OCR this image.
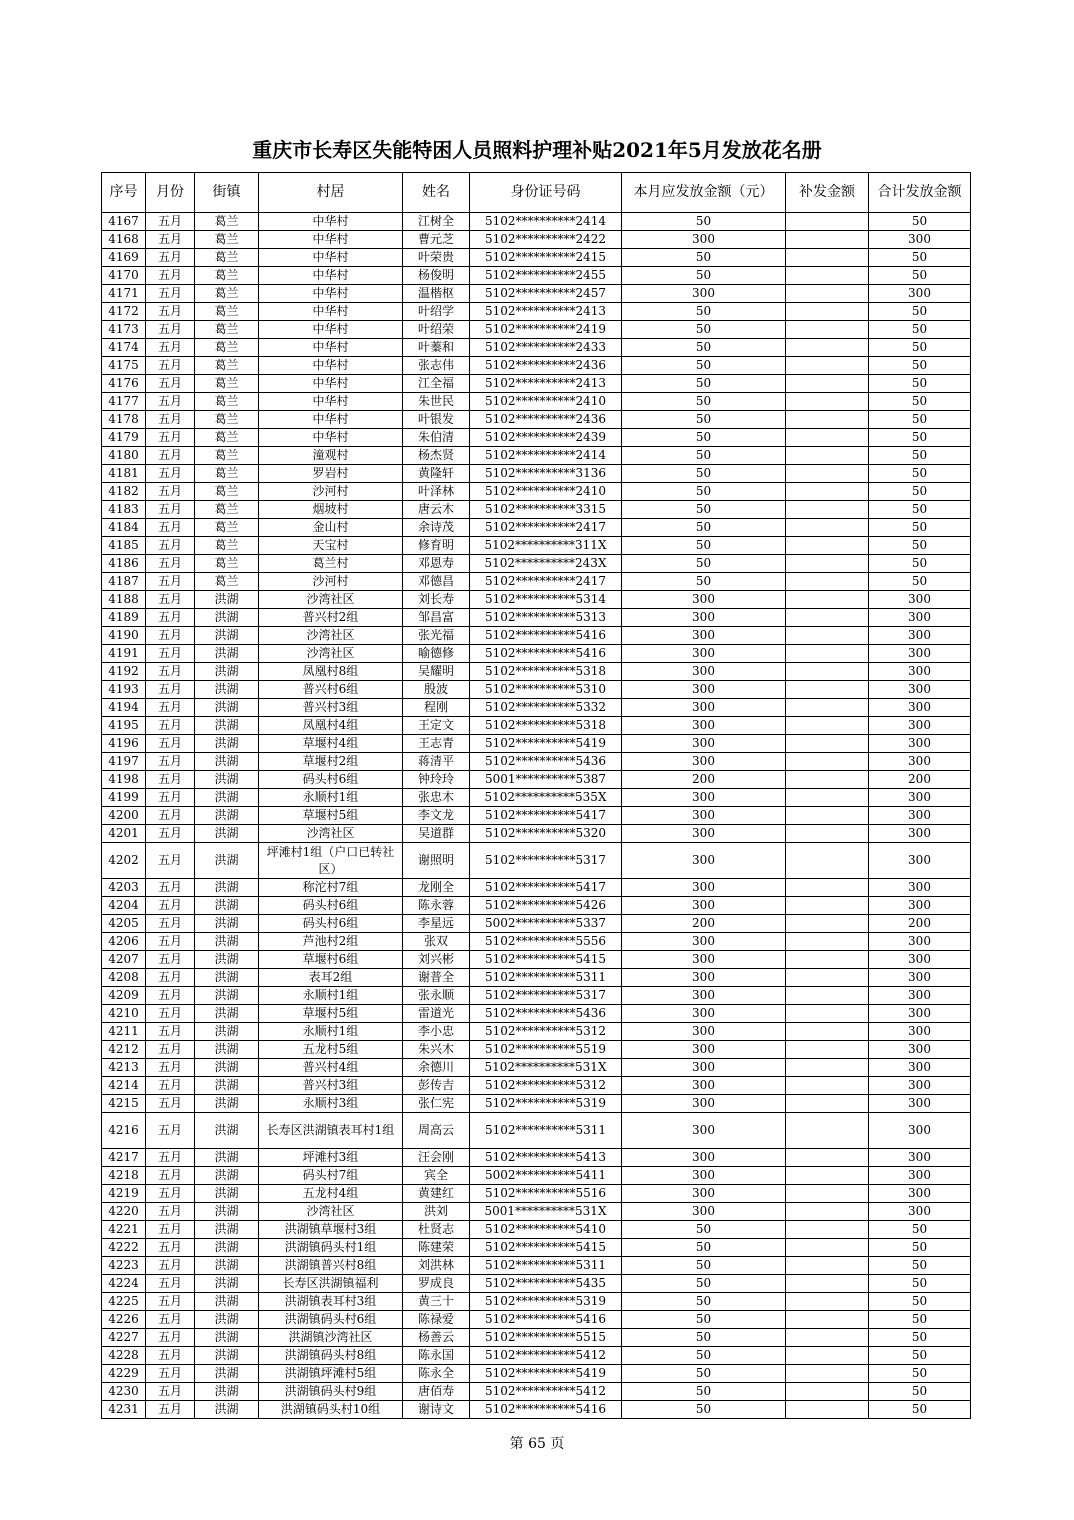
重庆市长寿区失能特困人员照料护理补贴2021年5月发放花名册
序号	月份	街镇	村居	姓名	身份证号码	本月应发放金额（元）	补发金额	合计发放金额
4167	五月	葛兰	中华村	江树全	5102**********2414	50		50
4168	五月	葛兰	中华村	曹元芝	5102**********2422	300		300
4169	五月	葛兰	中华村	叶荣贵	5102**********2415	50		50
4170	五月	葛兰	中华村	杨俊明	5102**********2455	50		50
4171	五月	葛兰	中华村	温楷枢	5102**********2457	300		300
4172	五月	葛兰	中华村	叶绍学	5102**********2413	50		50
4173	五月	葛兰	中华村	叶绍荣	5102**********2419	50		50
4174	五月	葛兰	中华村	叶蓁和	5102**********2433	50		50
4175	五月	葛兰	中华村	张志伟	5102**********2436	50		50
4176	五月	葛兰	中华村	江全福	5102**********2413	50		50
4177	五月	葛兰	中华村	朱世民	5102**********2410	50		50
4178	五月	葛兰	中华村	叶银发	5102**********2436	50		50
4179	五月	葛兰	中华村	朱伯清	5102**********2439	50		50
4180	五月	葛兰	潼观村	杨杰贤	5102**********2414	50		50
4181	五月	葛兰	罗岩村	黄隆轩	5102**********3136	50		50
4182	五月	葛兰	沙河村	叶泽林	5102**********2410	50		50
4183	五月	葛兰	烟坡村	唐云木	5102**********3315	50		50
4184	五月	葛兰	金山村	余诗茂	5102**********2417	50		50
4185	五月	葛兰	天宝村	修育明	5102**********311X	50		50
4186	五月	葛兰	葛兰村	邓恩寿	5102**********243X	50		50
4187	五月	葛兰	沙河村	邓德昌	5102**********2417	50		50
4188	五月	洪湖	沙湾社区	刘长寿	5102**********5314	300		300
4189	五月	洪湖	普兴村2组	邹昌富	5102**********5313	300		300
4190	五月	洪湖	沙湾社区	张光福	5102**********5416	300		300
4191	五月	洪湖	沙湾社区	喻德修	5102**********5416	300		300
4192	五月	洪湖	凤凰村8组	吴耀明	5102**********5318	300		300
4193	五月	洪湖	普兴村6组	殷波	5102**********5310	300		300
4194	五月	洪湖	普兴村3组	程刚	5102**********5332	300		300
4195	五月	洪湖	凤凰村4组	王定文	5102**********5318	300		300
4196	五月	洪湖	草堰村4组	王志青	5102**********5419	300		300
4197	五月	洪湖	草堰村2组	蒋清平	5102**********5436	300		300
4198	五月	洪湖	码头村6组	钟玲玲	5001**********5387	200		200
4199	五月	洪湖	永顺村1组	张忠木	5102**********535X	300		300
4200	五月	洪湖	草堰村5组	李文龙	5102**********5417	300		300
4201	五月	洪湖	沙湾社区	吴道群	5102**********5320	300		300
4202	五月	洪湖	坪滩村1组（户口已转社区）	谢照明	5102**********5317	300		300
4203	五月	洪湖	称沱村7组	龙刚全	5102**********5417	300		300
4204	五月	洪湖	码头村6组	陈永蓉	5102**********5426	300		300
4205	五月	洪湖	码头村6组	李星远	5002**********5337	200		200
4206	五月	洪湖	芦池村2组	张双	5102**********5556	300		300
4207	五月	洪湖	草堰村6组	刘兴彬	5102**********5415	300		300
4208	五月	洪湖	表耳2组	谢普全	5102**********5311	300		300
4209	五月	洪湖	永顺村1组	张永顺	5102**********5317	300		300
4210	五月	洪湖	草堰村5组	雷道光	5102**********5436	300		300
4211	五月	洪湖	永顺村1组	李小忠	5102**********5312	300		300
4212	五月	洪湖	五龙村5组	朱兴木	5102**********5519	300		300
4213	五月	洪湖	普兴村4组	余德川	5102**********531X	300		300
4214	五月	洪湖	普兴村3组	彭传吉	5102**********5312	300		300
4215	五月	洪湖	永顺村3组	张仁宪	5102**********5319	300		300
4216	五月	洪湖	长寿区洪湖镇表耳村1组	周高云	5102**********5311	300		300
4217	五月	洪湖	坪滩村3组	汪会刚	5102**********5413	300		300
4218	五月	洪湖	码头村7组	宾全	5002**********5411	300		300
4219	五月	洪湖	五龙村4组	黄建红	5102**********5516	300		300
4220	五月	洪湖	沙湾社区	洪刘	5001**********531X	300		300
4221	五月	洪湖	洪湖镇草堰村3组	杜贤志	5102**********5410	50		50
4222	五月	洪湖	洪湖镇码头村1组	陈建荣	5102**********5415	50		50
4223	五月	洪湖	洪湖镇普兴村8组	刘洪林	5102**********5311	50		50
4224	五月	洪湖	长寿区洪湖镇福利	罗成良	5102**********5435	50		50
4225	五月	洪湖	洪湖镇表耳村3组	黄三十	5102**********5319	50		50
4226	五月	洪湖	洪湖镇码头村6组	陈禄爱	5102**********5416	50		50
4227	五月	洪湖	洪湖镇沙湾社区	杨善云	5102**********5515	50		50
4228	五月	洪湖	洪湖镇码头村8组	陈永国	5102**********5412	50		50
4229	五月	洪湖	洪湖镇坪滩村5组	陈永全	5102**********5419	50		50
4230	五月	洪湖	洪湖镇码头村9组	唐佰寿	5102**********5412	50		50
4231	五月	洪湖	洪湖镇码头村10组	谢诗文	5102**********5416	50		50
第 65 页
